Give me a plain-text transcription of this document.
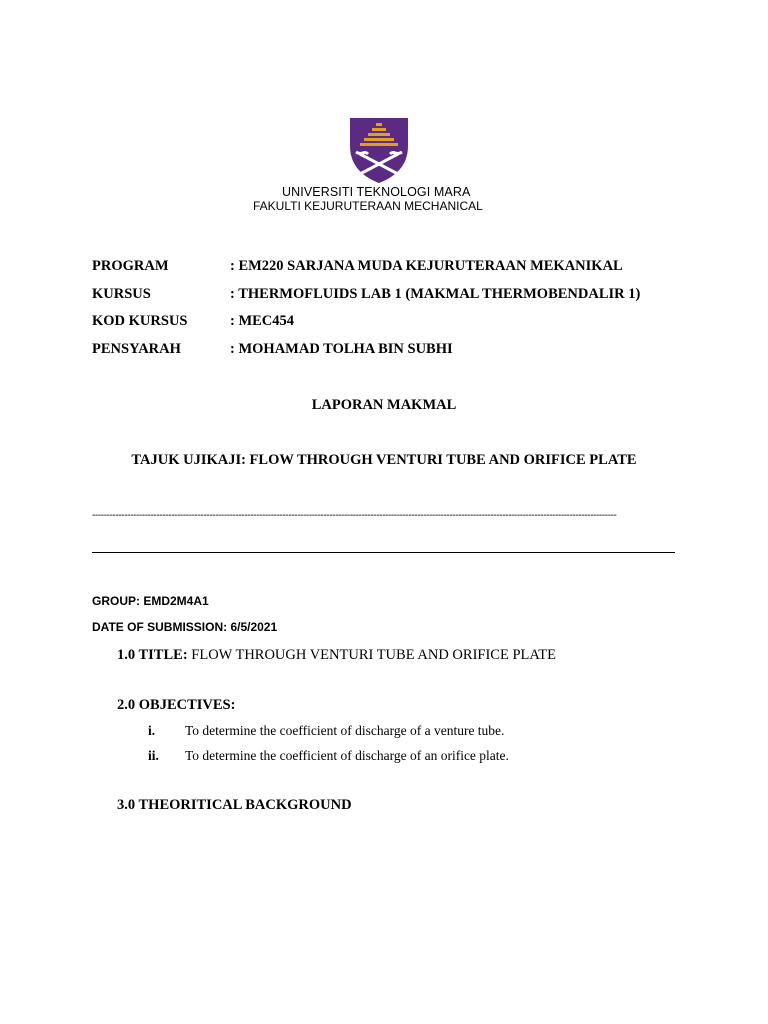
UNIVERSITI TEKNOLOGI MARA
FAKULTI KEJURUTERAAN MECHANICAL
PROGRAM	: EM220 SARJANA MUDA KEJURUTERAAN MEKANIKAL
KURSUS	: THERMOFLUIDS LAB 1 (MAKMAL THERMOBENDALIR 1)
KOD KURSUS	: MEC454
PENSYARAH	: MOHAMAD TOLHA BIN SUBHI
LAPORAN MAKMAL
TAJUK UJIKAJI: FLOW THROUGH VENTURI TUBE AND ORIFICE PLATE
-----------------------------------------------------------------------------------------------------------------------------------------------------------------------------------
GROUP: EMD2M4A1
DATE OF SUBMISSION: 6/5/2021
1.0 TITLE: FLOW THROUGH VENTURI TUBE AND ORIFICE PLATE
2.0 OBJECTIVES:
i. To determine the coefficient of discharge of a venture tube.
ii. To determine the coefficient of discharge of an orifice plate.
3.0 THEORITICAL BACKGROUND
